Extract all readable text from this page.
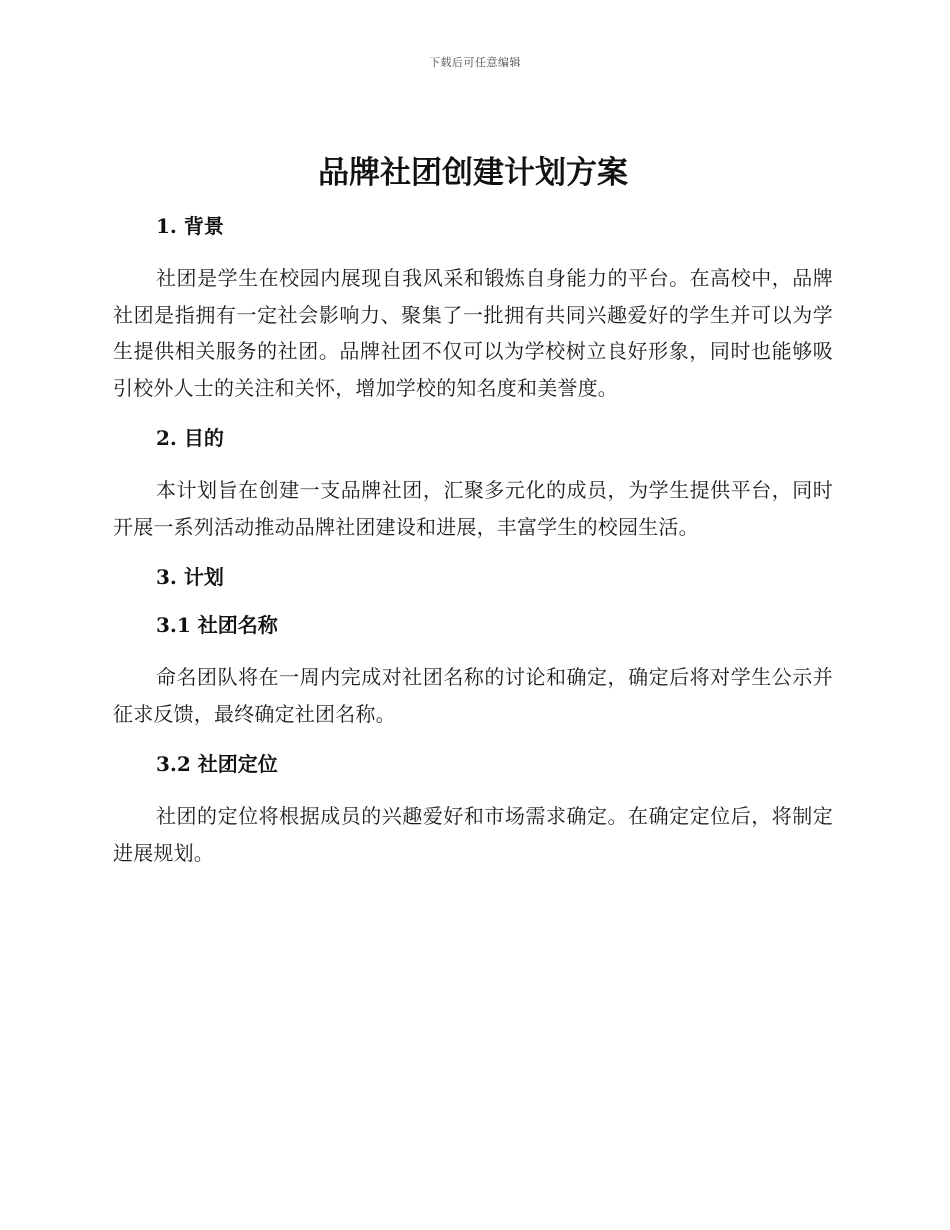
下载后可任意编辑
品牌社团创建计划方案
1. 背景

社团是学生在校园内展现自我风采和锻炼自身能力的平台。在高校中，品牌社团是指拥有一定社会影响力、聚集了一批拥有共同兴趣爱好的学生并可以为学生提供相关服务的社团。品牌社团不仅可以为学校树立良好形象，同时也能够吸引校外人士的关注和关怀，增加学校的知名度和美誉度。

2. 目的

本计划旨在创建一支品牌社团，汇聚多元化的成员，为学生提供平台，同时开展一系列活动推动品牌社团建设和进展，丰富学生的校园生活。

3. 计划
3.1 社团名称

命名团队将在一周内完成对社团名称的讨论和确定，确定后将对学生公示并征求反馈，最终确定社团名称。

3.2 社团定位

社团的定位将根据成员的兴趣爱好和市场需求确定。在确定定位后，将制定进展规划。
